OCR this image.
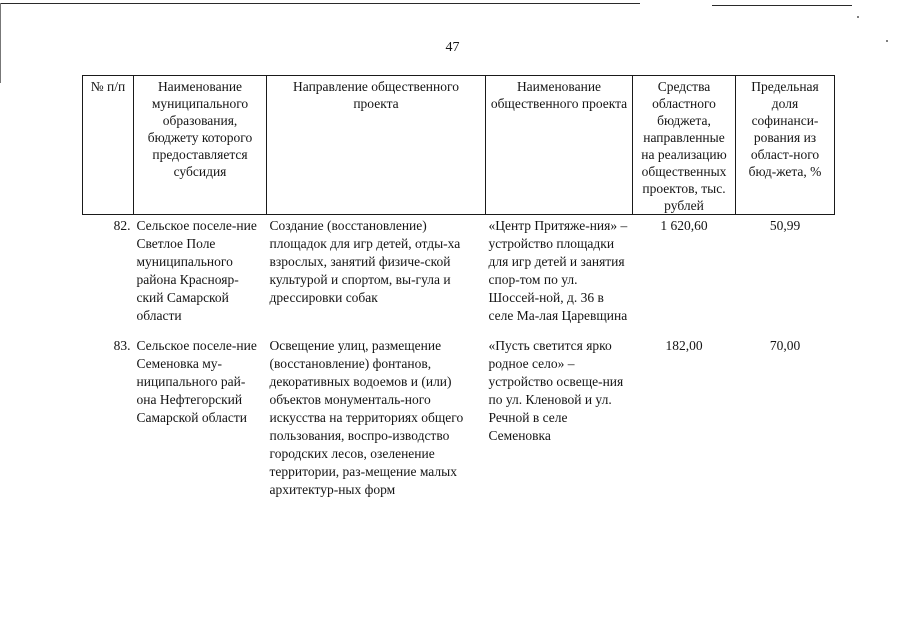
47
№ п/п	Наименование муниципального образования, бюджету которого предоставляется субсидия	Направление общественного проекта	Наименование общественного проекта	Средства областного бюджета, направленные на реализацию общественных проектов, тыс. рублей	Предельная доля софинанси-рования из област-ного бюд-жета, %
82.	Сельское поселе-ние Светлое Поле муниципального района Краснояр-ский Самарской области	Создание (восстановление) площадок для игр детей, отды-ха взрослых, занятий физиче-ской культурой и спортом, вы-гула и дрессировки собак	«Центр Притяже-ния» – устройство площадки для игр детей и занятия спор-том по ул. Шоссей-ной, д. 36 в селе Ма-лая Царевщина	1 620,60	50,99
83.	Сельское поселе-ние Семеновка му-ниципального рай-она Нефтегорский Самарской области	Освещение улиц, размещение (восстановление) фонтанов, декоративных водоемов и (или) объектов монументаль-ного искусства на территориях общего пользования, воспро-изводство городских лесов, озеленение территории, раз-мещение малых архитектур-ных форм	«Пусть светится ярко родное село» – устройство освеще-ния по ул. Кленовой и ул. Речной в селе Семеновка	182,00	70,00
